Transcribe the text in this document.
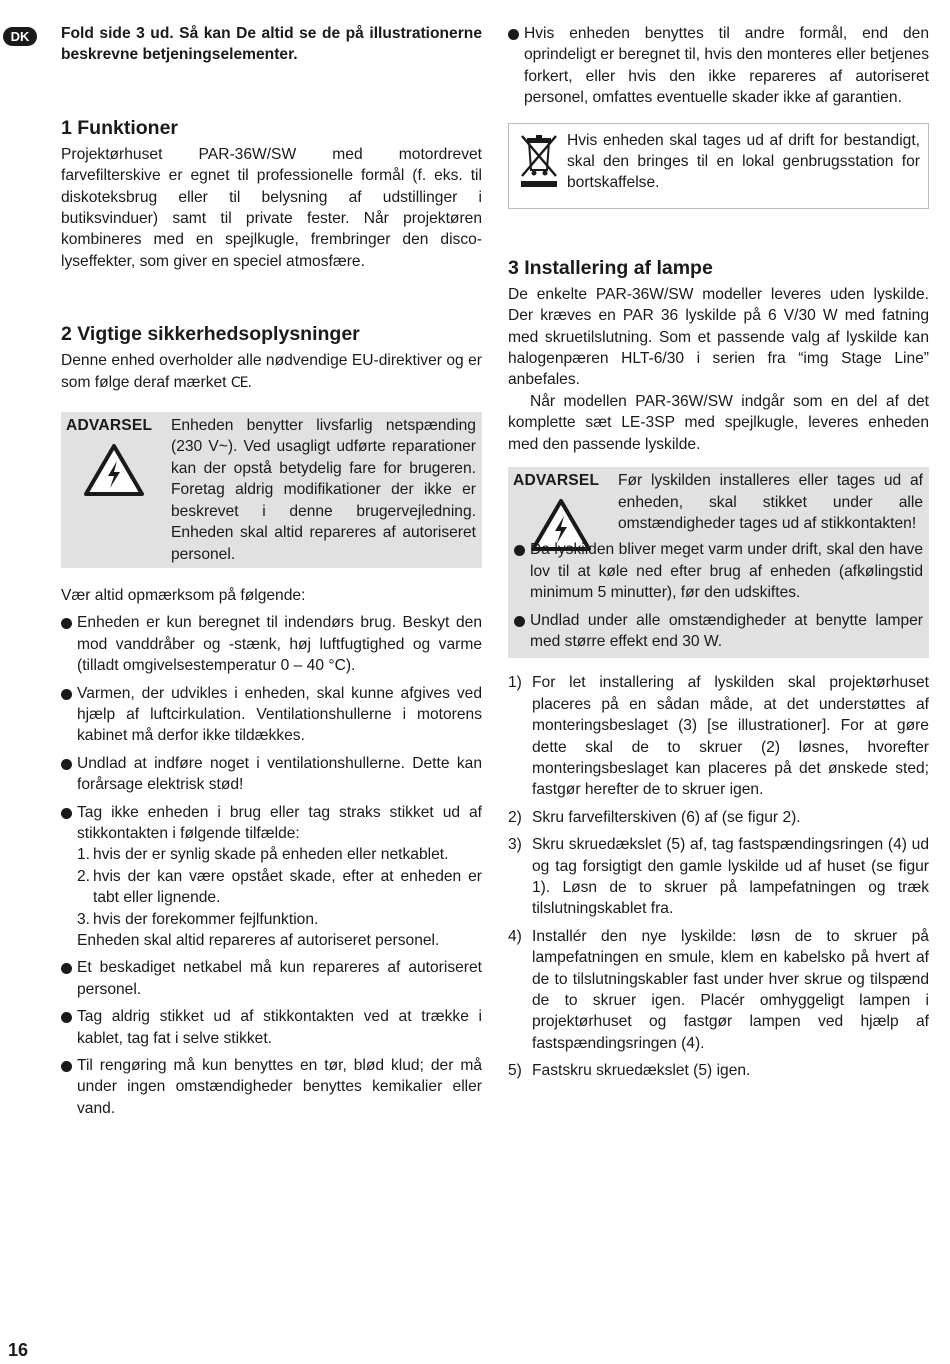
DK	Fold side 3 ud. Så kan De altid se de på illustrationerne beskrevne betjeningselementer.

1 Funktioner

Projektørhuset PAR-36W/SW med motordrevet farvefilterskive er egnet til professionelle formål (f. eks. til diskoteksbrug eller til belysning af udstillinger i butiksvinduer) samt til private fester. Når projektøren kombineres med en spejlkugle, frembringer den disco-lyseffekter, som giver en speciel atmosfære.

2 Vigtige sikkerhedsoplysninger

Denne enhed overholder alle nødvendige EU-direktiver og er som følge deraf mærket CE.

ADVARSEL Enheden benytter livsfarlig netspænding (230 V~). Ved usagligt udførte reparationer kan der opstå betydelig fare for brugeren. Foretag aldrig modifikationer der ikke er beskrevet i denne brugervejledning. Enheden skal altid repareres af autoriseret personel.

Vær altid opmærksom på følgende:

Enheden er kun beregnet til indendørs brug. Beskyt den mod vanddråber og -stænk, høj luftfugtighed og varme (tilladt omgivelsestemperatur 0 – 40 °C).

Varmen, der udvikles i enheden, skal kunne afgives ved hjælp af luftcirkulation. Ventilationshullerne i motorens kabinet må derfor ikke tildækkes.

Undlad at indføre noget i ventilationshullerne. Dette kan forårsage elektrisk stød!

Tag ikke enheden i brug eller tag straks stikket ud af stikkontakten i følgende tilfælde:

1. hvis der er synlig skade på enheden eller netkablet.

2. hvis der kan være opstået skade, efter at enheden er tabt eller lignende.

3. hvis der forekommer fejlfunktion.

Enheden skal altid repareres af autoriseret personel.

Et beskadiget netkabel må kun repareres af autoriseret personel.

Tag aldrig stikket ud af stikkontakten ved at trække i kablet, tag fat i selve stikket.

Til rengøring må kun benyttes en tør, blød klud; der må under ingen omstændigheder benyttes kemikalier eller vand.

Hvis enheden benyttes til andre formål, end den oprindeligt er beregnet til, hvis den monteres eller betjenes forkert, eller hvis den ikke repareres af autoriseret personel, omfattes eventuelle skader ikke af garantien.

Hvis enheden skal tages ud af drift for bestandigt, skal den bringes til en lokal genbrugsstation for bortskaffelse.

3 Installering af lampe

De enkelte PAR-36W/SW modeller leveres uden lyskilde. Der kræves en PAR 36 lyskilde på 6 V/30 W med fatning med skruetilslutning. Som et passende valg af lyskilde kan halogenpæren HLT-6/30 i serien fra “img Stage Line” anbefales.

Når modellen PAR-36W/SW indgår som en del af det komplette sæt LE-3SP med spejlkugle, leveres enheden med den passende lyskilde.

ADVARSEL Før lyskilden installeres eller tages ud af enheden, skal stikket under alle omstændigheder tages ud af stikkontakten!

Da lyskilden bliver meget varm under drift, skal den have lov til at køle ned efter brug af enheden (afkølingstid minimum 5 minutter), før den udskiftes.

Undlad under alle omstændigheder at benytte lamper med større effekt end 30 W.

1) For let installering af lyskilden skal projektørhuset placeres på en sådan måde, at det understøttes af monteringsbeslaget (3) [se illustrationer]. For at gøre dette skal de to skruer (2) løsnes, hvorefter monteringsbeslaget kan placeres på det ønskede sted; fastgør herefter de to skruer igen.

2) Skru farvefilterskiven (6) af (se figur 2).

3) Skru skruedækslet (5) af, tag fastspændingsringen (4) ud og tag forsigtigt den gamle lyskilde ud af huset (se figur 1). Løsn de to skruer på lampefatningen og træk tilslutningskablet fra.

4) Installér den nye lyskilde: løsn de to skruer på lampefatningen en smule, klem en kabelsko på hvert af de to tilslutningskabler fast under hver skrue og tilspænd de to skruer igen. Placér omhyggeligt lampen i projektørhuset og fastgør lampen ved hjælp af fastspændingsringen (4).

5) Fastskru skruedækslet (5) igen.

16
